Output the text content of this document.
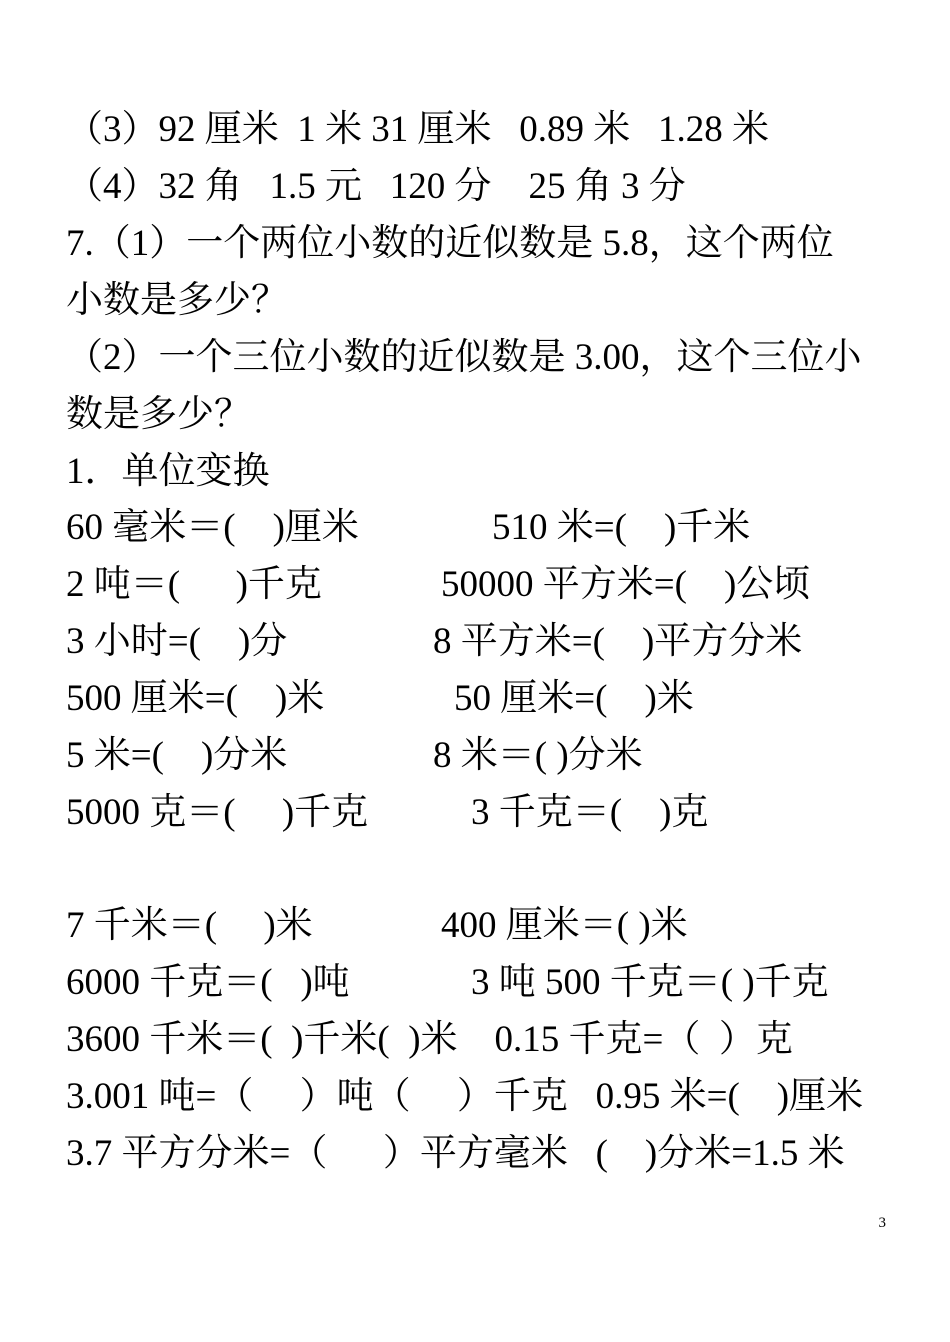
（3）92 厘米  1 米 31 厘米   0.89 米   1.28 米
（4）32 角   1.5 元   120 分    25 角 3 分
7.（1）一个两位小数的近似数是 5.8，这个两位
小数是多少？
（2）一个三位小数的近似数是 3.00，这个三位小
数是多少？
1．单位变换
60 毫米＝(    )厘米	510 米=(    )千米
2 吨＝(      )千克	50000 平方米=(    )公顷
3 小时=(    )分	8 平方米=(    )平方分米
500 厘米=(    )米	50 厘米=(    )米
5 米=(    )分米	8 米＝( )分米
5000 克＝(     )千克	3 千克＝(    )克
7 千米＝(     )米	400 厘米＝( )米
6000 千克＝(   )吨	3 吨 500 千克＝( )千克
3600 千米＝(  )千米(  )米    0.15 千克=（  ）克
3.001 吨=（     ）吨（     ）千克   0.95 米=(    )厘米
3.7 平方分米=（      ）平方毫米   (    )分米=1.5 米
3
